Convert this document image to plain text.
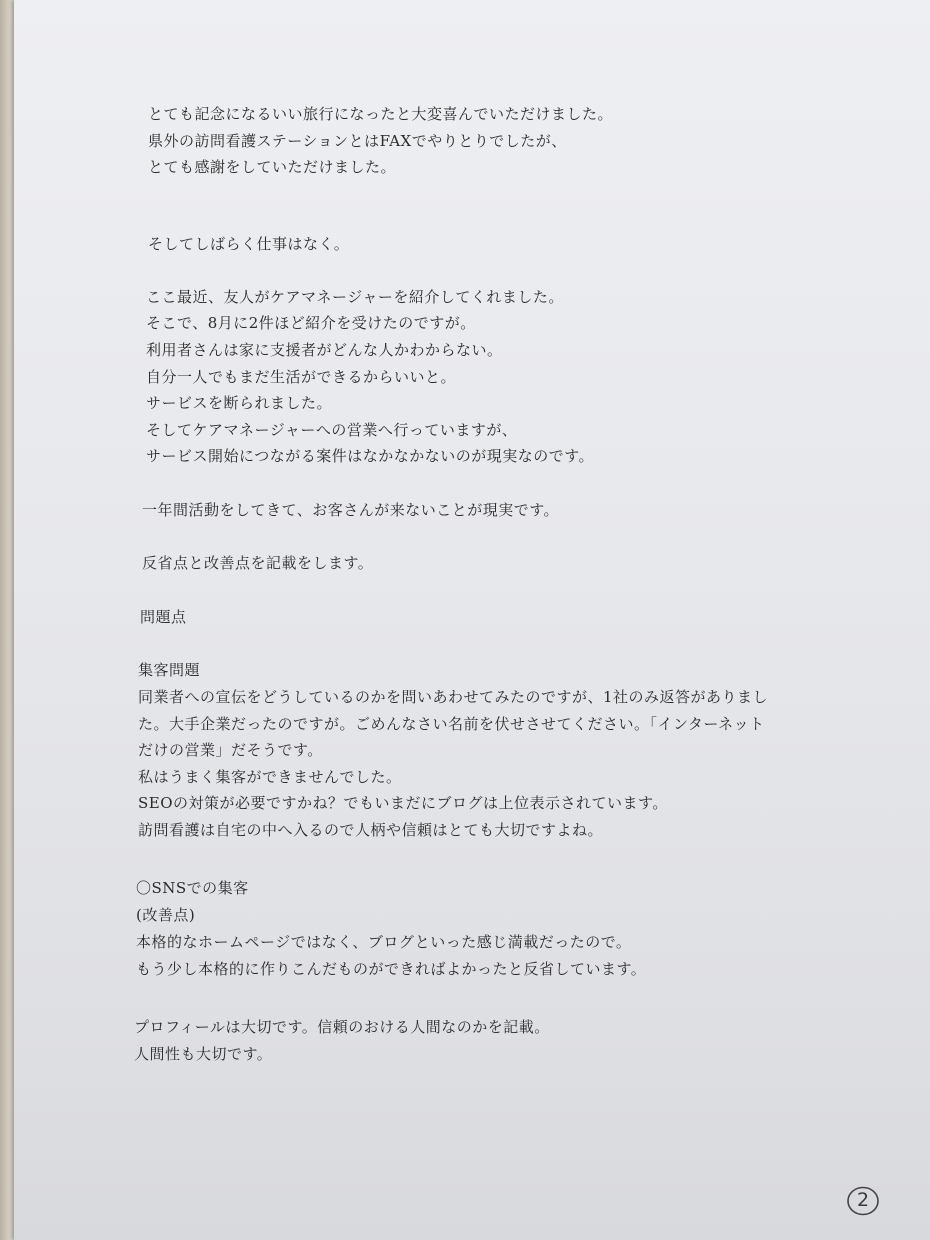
とても記念になるいい旅行になったと大変喜んでいただけました。

県外の訪問看護ステーションとはFAXでやりとりでしたが、

とても感謝をしていただけました。

そしてしばらく仕事はなく。

ここ最近、友人がケアマネージャーを紹介してくれました。

そこで、8月に2件ほど紹介を受けたのですが。

利用者さんは家に支援者がどんな人かわからない。

自分一人でもまだ生活ができるからいいと。

サービスを断られました。

そしてケアマネージャーへの営業へ行っていますが、

サービス開始につながる案件はなかなかないのが現実なのです。

一年間活動をしてきて、お客さんが来ないことが現実です。

反省点と改善点を記載をします。

問題点

集客問題

同業者への宣伝をどうしているのかを問いあわせてみたのですが、1社のみ返答がありまし

た。大手企業だったのですが。ごめんなさい名前を伏せさせてください。「インターネット

だけの営業」だそうです。

私はうまく集客ができませんでした。

SEOの対策が必要ですかね？でもいまだにブログは上位表示されています。

訪問看護は自宅の中へ入るので人柄や信頼はとても大切ですよね。

〇SNSでの集客

(改善点)

本格的なホームページではなく、ブログといった感じ満載だったので。

もう少し本格的に作りこんだものができればよかったと反省しています。

プロフィールは大切です。信頼のおける人間なのかを記載。

人間性も大切です。

2
